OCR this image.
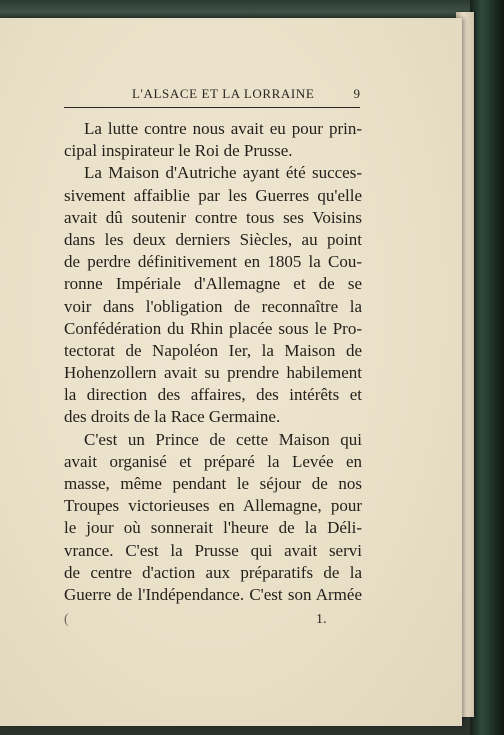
L'ALSACE ET LA LORRAINE	9
La lutte contre nous avait eu pour prin-
cipal inspirateur le Roi de Prusse.
La Maison d'Autriche ayant été succes-
sivement affaiblie par les Guerres qu'elle
avait dû soutenir contre tous ses Voisins
dans les deux derniers Siècles, au point
de perdre définitivement en 1805 la Cou-
ronne Impériale d'Allemagne et de se
voir dans l'obligation de reconnaître la
Confédération du Rhin placée sous le Pro-
tectorat de Napoléon Ier, la Maison de
Hohenzollern avait su prendre habilement
la direction des affaires, des intérêts et
des droits de la Race Germaine.
C'est un Prince de cette Maison qui
avait organisé et préparé la Levée en
masse, même pendant le séjour de nos
Troupes victorieuses en Allemagne, pour
le jour où sonnerait l'heure de la Déli-
vrance. C'est la Prusse qui avait servi
de centre d'action aux préparatifs de la
Guerre de l'Indépendance. C'est son Armée
(	1.
